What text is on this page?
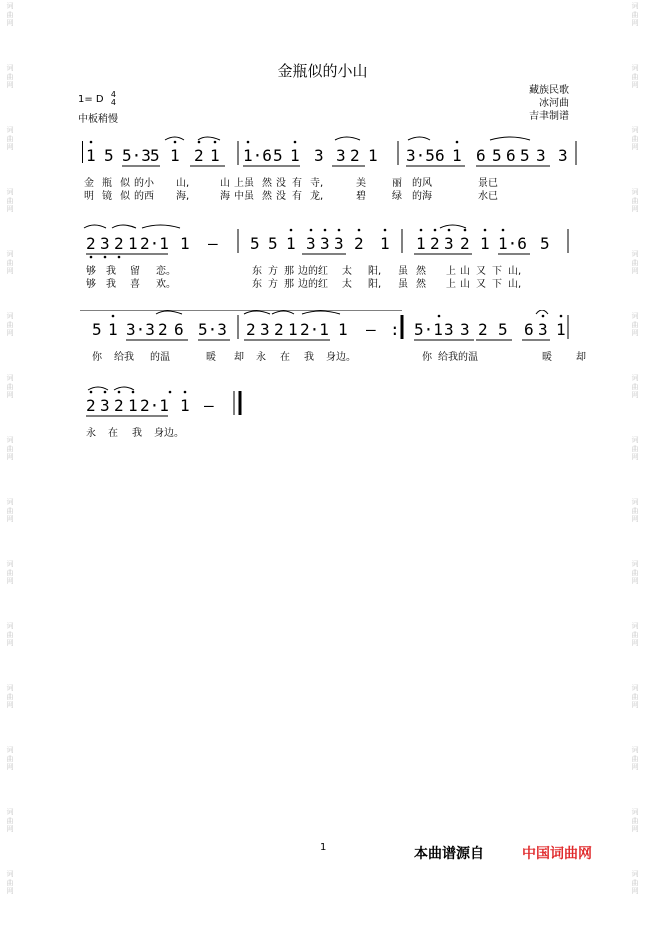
词
曲
网
词
曲
网
词
曲
网
词
曲
网
词
曲
网
词
曲
网
词
曲
网
词
曲
网
词
曲
网
词
曲
网
词
曲
网
词
曲
网
词
曲
网
词
曲
网
词
曲
网
词
曲
网
词
曲
网
词
曲
网
词
曲
网
词
曲
网
词
曲
网
词
曲
网
词
曲
网
词
曲
网
词
曲
网
词
曲
网
词
曲
网
词
曲
网
词
曲
网
词
曲
网
金瓶似的小山
1= D 4
4
中板稍慢
藏族民歌
冰河曲
吉聿制谱
1 5 5·3 5 1 2 1 1·6 5 1 3 3 2 1 3·5 6 1 6 5 6 5 3 3
金 瓶 似 的小 山,	山 上虽 然 没 有 寺,	美	丽 的风	景已
明 镜 似 的西 海,	海 中虽 然 没 有 龙,	碧	绿 的海	水已
2 3 2 1 2·1 1 – 5 5 1 3 3 3 2 1 1 2 3 2 1 1·6 5
够 我 留 恋。	东 方 那 边的红 太 阳, 虽 然 上 山 又 下 山,
够 我 喜 欢。	东 方 那 边的红 太 阳, 虽 然 上 山 又 下 山,
5 1 3·3 2 6 5·3 2 3 2 1 2·1 1 – : 5·1 3 3 2 5 6 3 1
你 给我 的温	暖 却 永 在 我 身边。	你 给我的温	暖 却
2 3 2 1 2·1 1 –
永 在 我 身边。
1	本曲谱源自	中国词曲网
